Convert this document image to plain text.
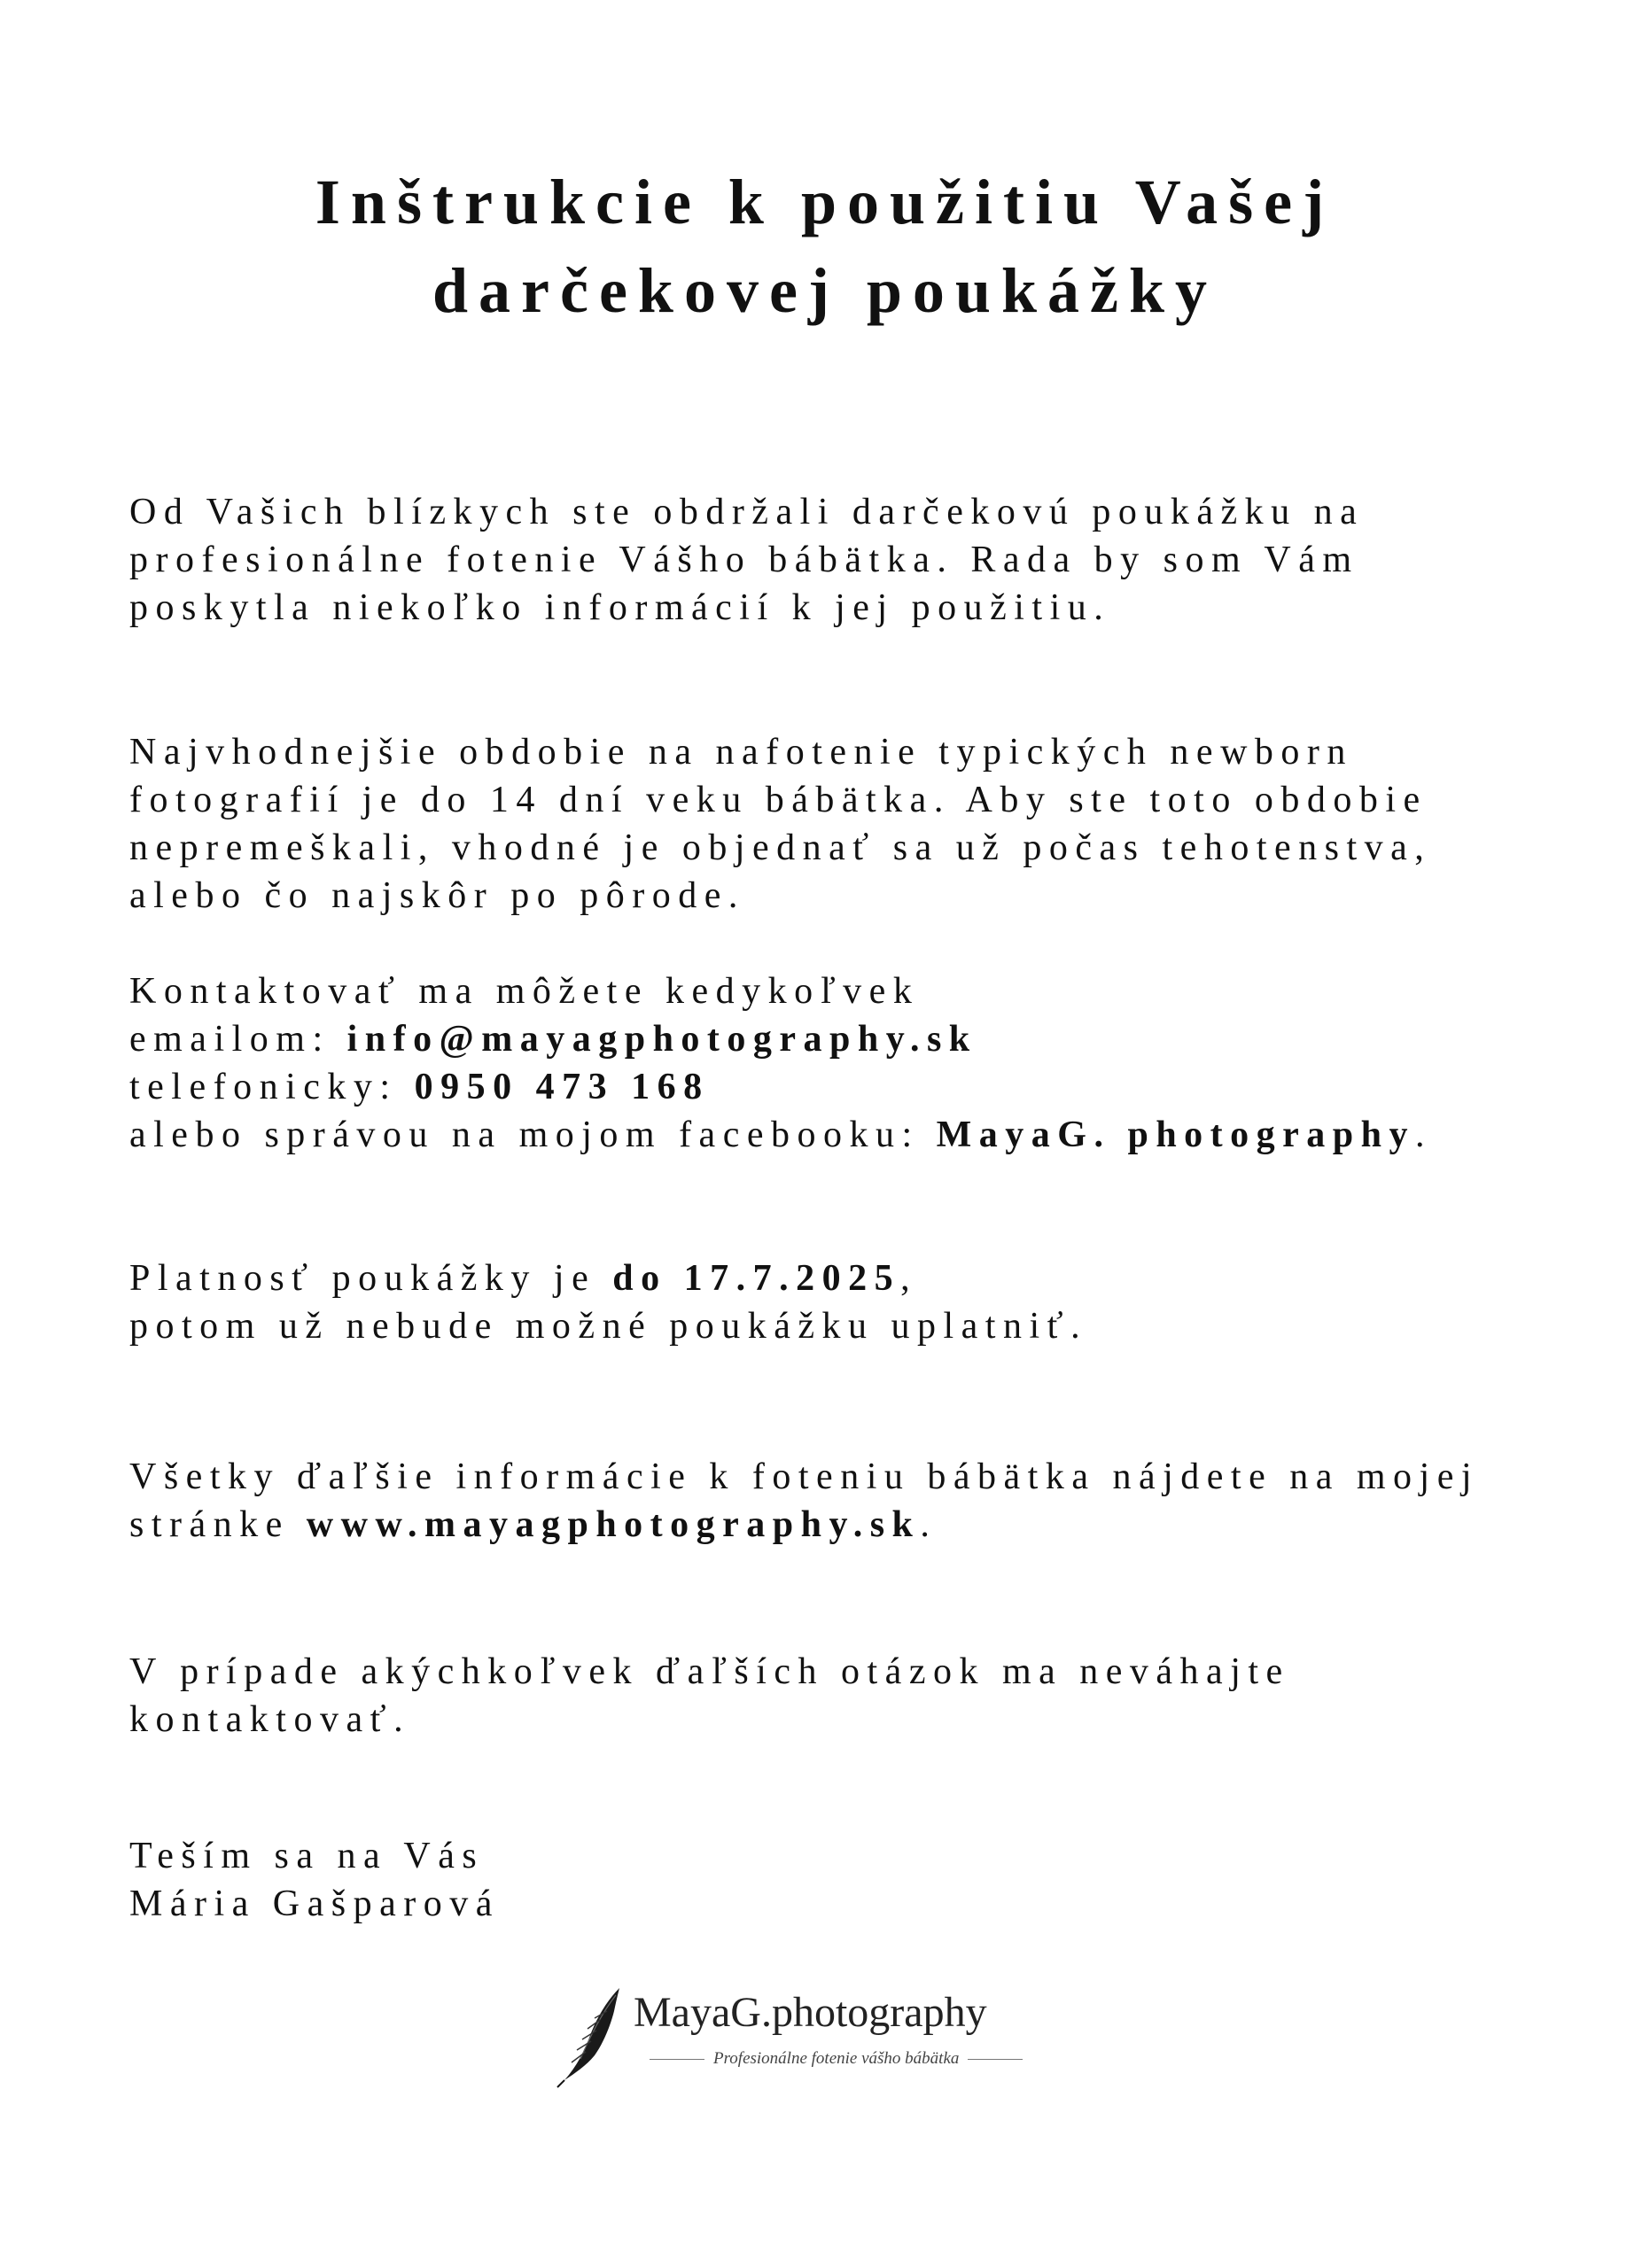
Inštrukcie k použitiu Vašej
darčekovej poukážky

Od Vašich blízkych ste obdržali darčekovú poukážku na
profesionálne fotenie Vášho bábätka. Rada by som Vám
poskytla niekoľko informácií k jej použitiu.

Najvhodnejšie obdobie na nafotenie typických newborn
fotografií je do 14 dní veku bábätka. Aby ste toto obdobie
nepremeškali, vhodné je objednať sa už počas tehotenstva,
alebo čo najskôr po pôrode.

Kontaktovať ma môžete kedykoľvek
emailom: info@mayagphotography.sk
telefonicky: 0950 473 168
alebo správou na mojom facebooku: MayaG. photography.

Platnosť poukážky je do 17.7.2025,
potom už nebude možné poukážku uplatniť.

Všetky ďaľšie informácie k foteniu bábätka nájdete na mojej
stránke www.mayagphotography.sk.

V prípade akýchkoľvek ďaľších otázok ma neváhajte
kontaktovať.

Teším sa na Vás
Mária Gašparová

MayaG.photography
Profesionálne fotenie vášho bábätka
